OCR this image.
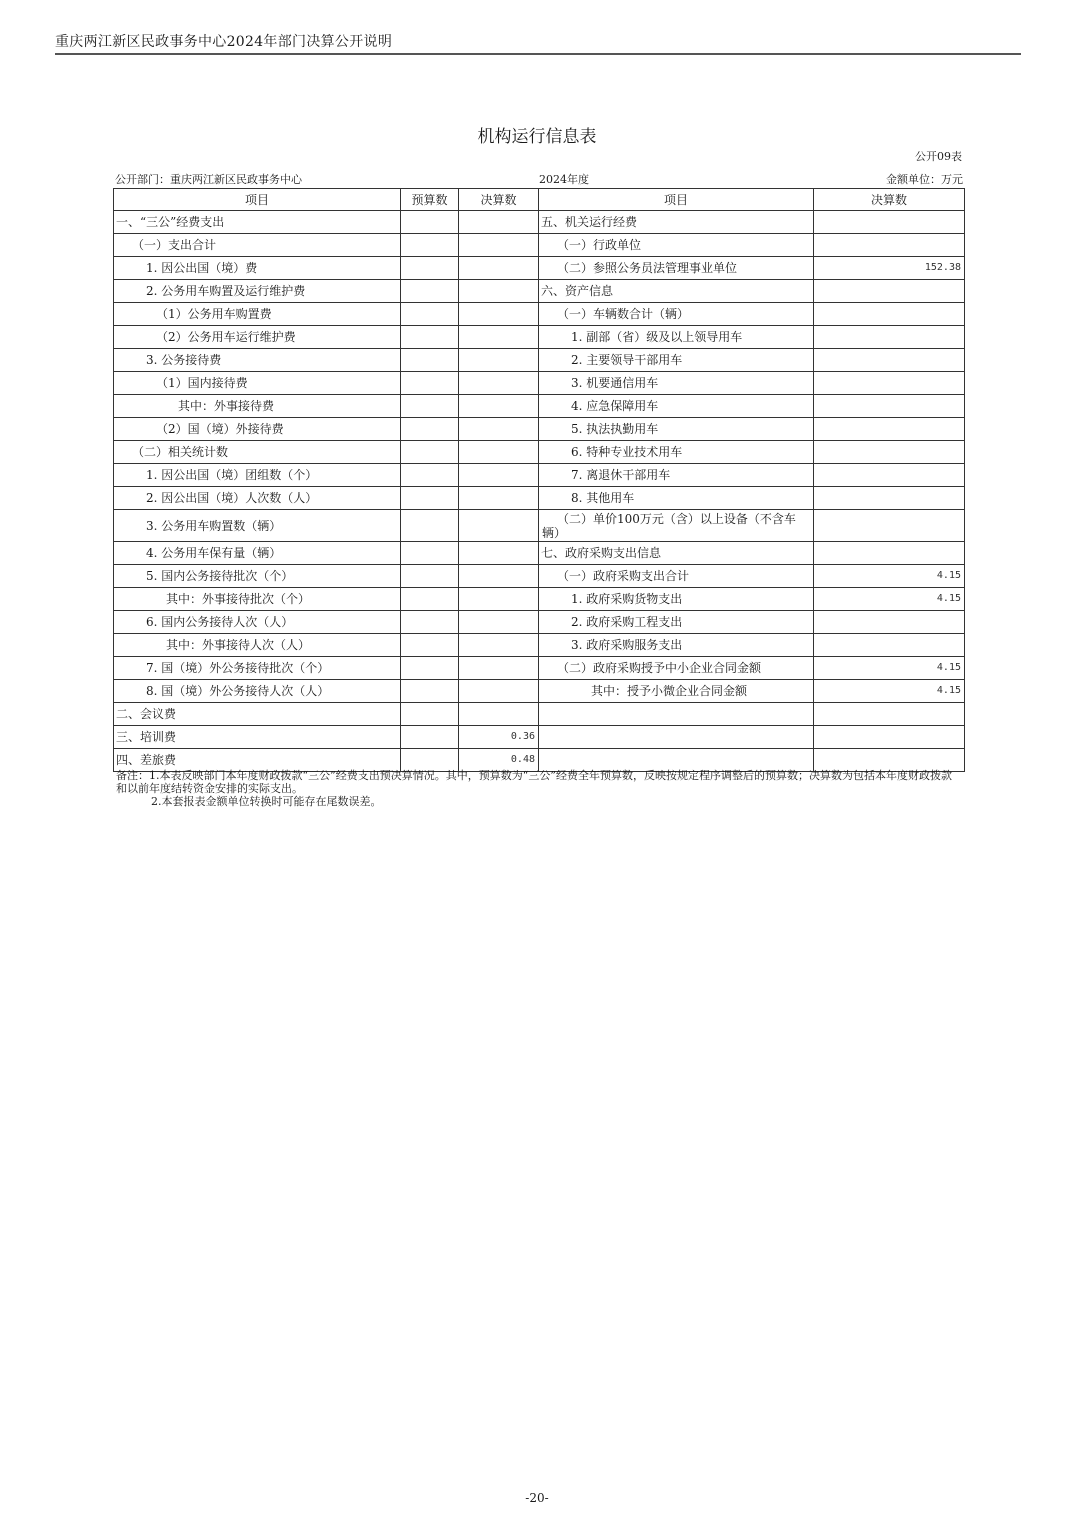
重庆两江新区民政事务中心2024年部门决算公开说明
机构运行信息表
公开09表
公开部门：重庆两江新区民政事务中心	2024年度	金额单位：万元
项目	预算数	决算数	项目	决算数
一、“三公”经费支出			五、机关运行经费	
（一）支出合计			（一）行政单位	
1. 因公出国（境）费			（二）参照公务员法管理事业单位	152.38
2. 公务用车购置及运行维护费			六、资产信息	
（1）公务用车购置费			（一）车辆数合计（辆）	
（2）公务用车运行维护费			1. 副部（省）级及以上领导用车	
3. 公务接待费			2. 主要领导干部用车	
（1）国内接待费			3. 机要通信用车	
其中：外事接待费			4. 应急保障用车	
（2）国（境）外接待费			5. 执法执勤用车	
（二）相关统计数			6. 特种专业技术用车	
1. 因公出国（境）团组数（个）			7. 离退休干部用车	
2. 因公出国（境）人次数（人）			8. 其他用车	
3. 公务用车购置数（辆）			（二）单价100万元（含）以上设备（不含车辆）	
4. 公务用车保有量（辆）			七、政府采购支出信息	
5. 国内公务接待批次（个）			（一）政府采购支出合计	4.15
其中：外事接待批次（个）			1. 政府采购货物支出	4.15
6. 国内公务接待人次（人）			2. 政府采购工程支出	
其中：外事接待人次（人）			3. 政府采购服务支出	
7. 国（境）外公务接待批次（个）			（二）政府采购授予中小企业合同金额	4.15
8. 国（境）外公务接待人次（人）			其中：授予小微企业合同金额	4.15
二、会议费				
三、培训费		0.36		
四、差旅费		0.48		
备注：1.本表反映部门本年度财政拨款“三公”经费支出预决算情况。其中，预算数为“三公”经费全年预算数，反映按规定程序调整后的预算数；决算数为包括本年度财政拨款和以前年度结转资金安排的实际支出。
2.本套报表金额单位转换时可能存在尾数误差。
-20-
